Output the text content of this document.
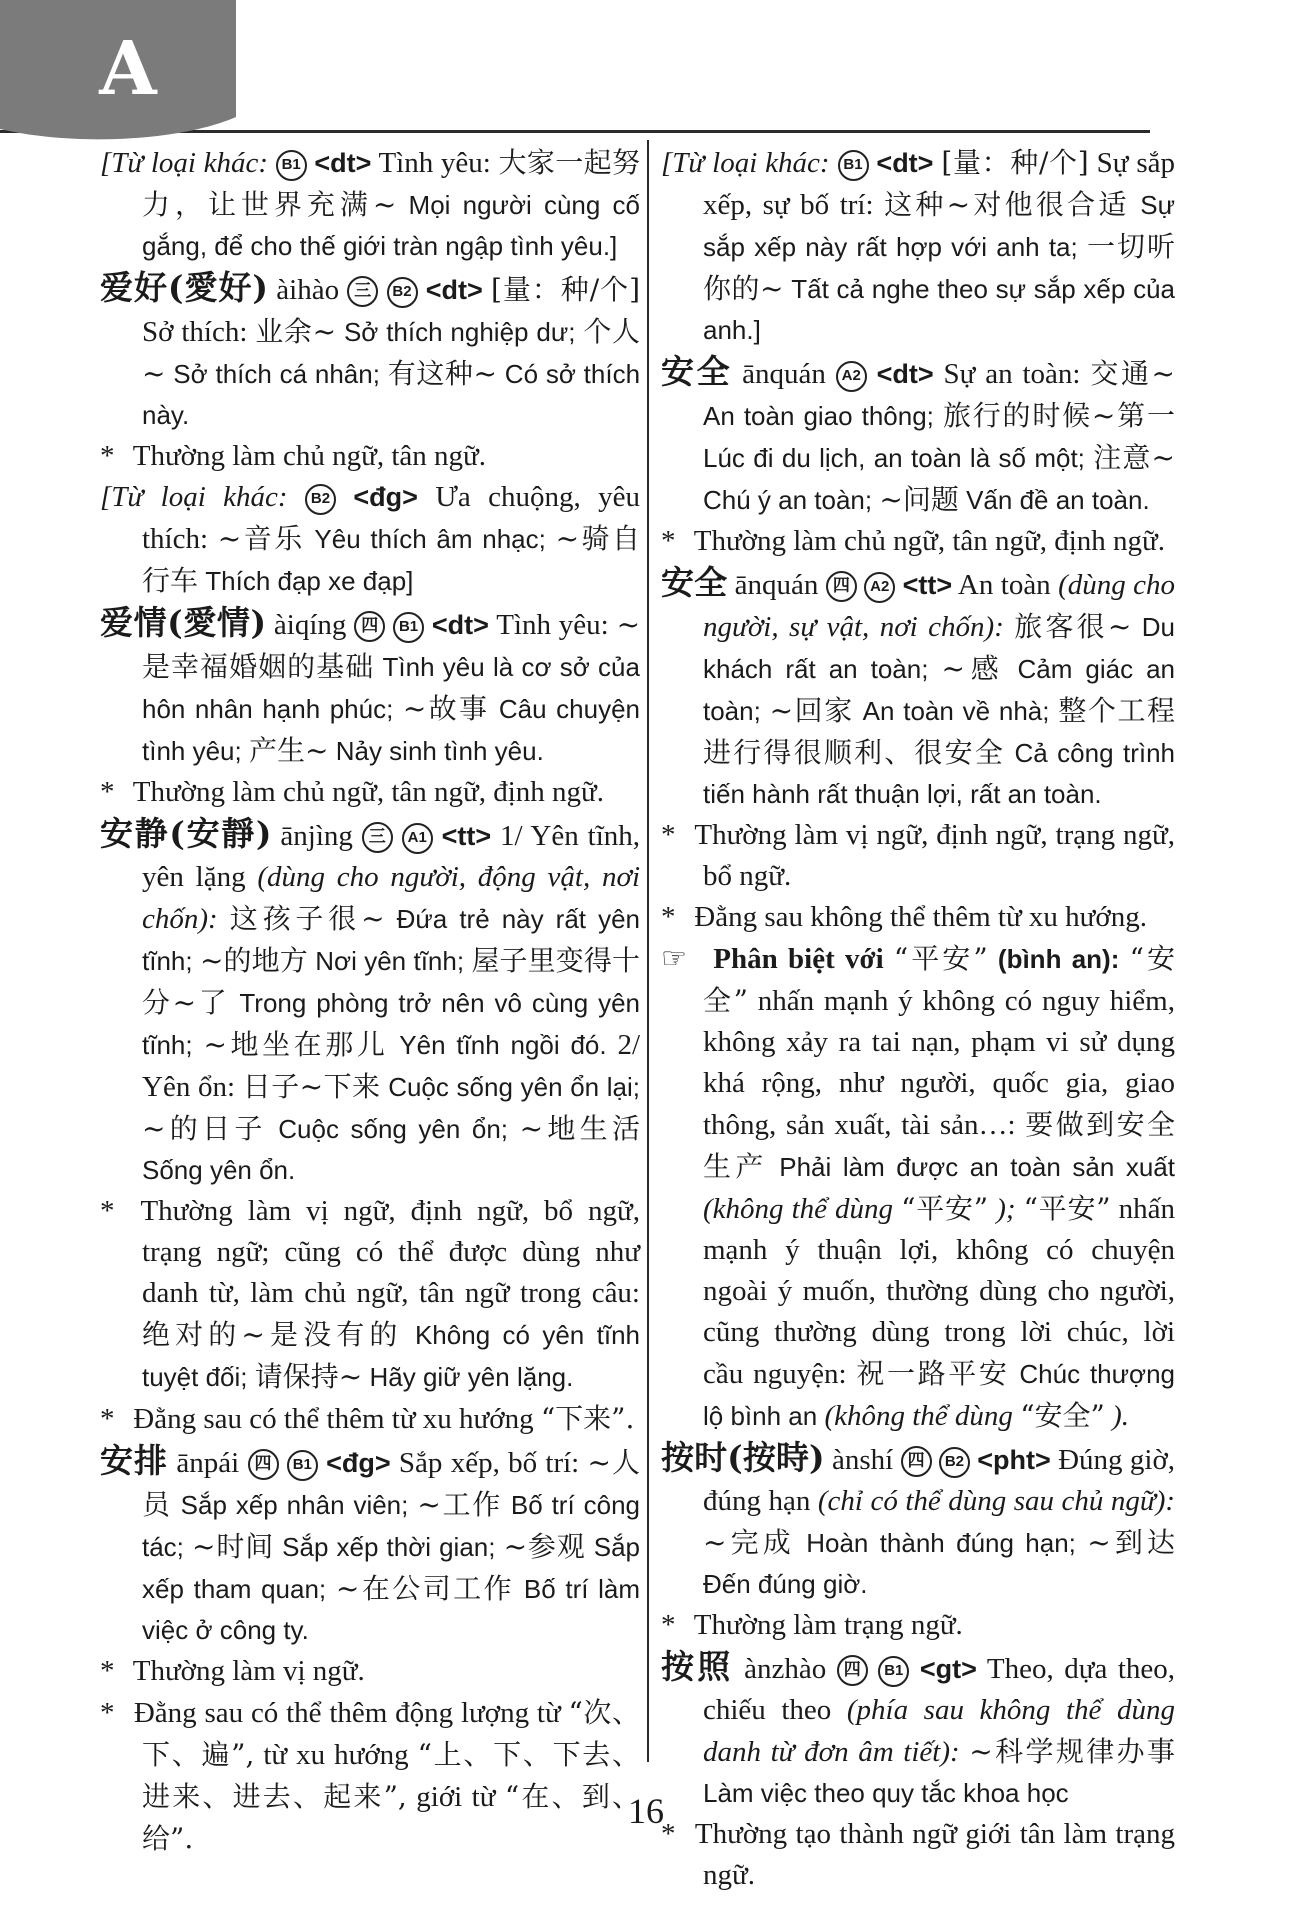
A

[Từ loại khác: B1 <dt> Tình yêu: 大家一起努力，让世界充满~ Mọi người cùng cố gắng, để cho thế giới tràn ngập tình yêu.]

爱好(愛好) àihào 三 B2 <dt> [量：种/个] Sở thích: 业余~ Sở thích nghiệp dư; 个人~ Sở thích cá nhân; 有这种~ Có sở thích này.

* Thường làm chủ ngữ, tân ngữ.

[Từ loại khác: B2 <đg> Ưa chuộng, yêu thích: ~音乐 Yêu thích âm nhạc; ~骑自行车 Thích đạp xe đạp]

爱情(愛情) àiqíng 四 B1 <dt> Tình yêu: ~是幸福婚姻的基础 Tình yêu là cơ sở của hôn nhân hạnh phúc; ~故事 Câu chuyện tình yêu; 产生~ Nảy sinh tình yêu.

* Thường làm chủ ngữ, tân ngữ, định ngữ.

安静(安靜) ānjìng 三 A1 <tt> 1/ Yên tĩnh, yên lặng (dùng cho người, động vật, nơi chốn): 这孩子很~ Đứa trẻ này rất yên tĩnh; ~的地方 Nơi yên tĩnh; 屋子里变得十分~了 Trong phòng trở nên vô cùng yên tĩnh; ~地坐在那儿 Yên tĩnh ngồi đó. 2/ Yên ổn: 日子~下来 Cuộc sống yên ổn lại; ~的日子 Cuộc sống yên ổn; ~地生活 Sống yên ổn.

* Thường làm vị ngữ, định ngữ, bổ ngữ, trạng ngữ; cũng có thể được dùng như danh từ, làm chủ ngữ, tân ngữ trong câu: 绝对的~是没有的 Không có yên tĩnh tuyệt đối; 请保持~ Hãy giữ yên lặng.

* Đằng sau có thể thêm từ xu hướng “下来”.

安排 ānpái 四 B1 <đg> Sắp xếp, bố trí: ~人员 Sắp xếp nhân viên; ~工作 Bố trí công tác; ~时间 Sắp xếp thời gian; ~参观 Sắp xếp tham quan; ~在公司工作 Bố trí làm việc ở công ty.

* Thường làm vị ngữ.

* Đằng sau có thể thêm động lượng từ “次、下、遍”, từ xu hướng “上、下、下去、进来、进去、起来”, giới từ “在、到、给”.

[Từ loại khác: B1 <dt> [量：种/个] Sự sắp xếp, sự bố trí: 这种~对他很合适 Sự sắp xếp này rất hợp với anh ta; 一切听你的~ Tất cả nghe theo sự sắp xếp của anh.]

安全 ānquán A2 <dt> Sự an toàn: 交通~ An toàn giao thông; 旅行的时候~第一 Lúc đi du lịch, an toàn là số một; 注意~ Chú ý an toàn; ~问题 Vấn đề an toàn.

* Thường làm chủ ngữ, tân ngữ, định ngữ.

安全 ānquán 四 A2 <tt> An toàn (dùng cho người, sự vật, nơi chốn): 旅客很~ Du khách rất an toàn; ~感 Cảm giác an toàn; ~回家 An toàn về nhà; 整个工程进行得很顺利、很安全 Cả công trình tiến hành rất thuận lợi, rất an toàn.

* Thường làm vị ngữ, định ngữ, trạng ngữ, bổ ngữ.

* Đằng sau không thể thêm từ xu hướng.

☞ Phân biệt với “平安” (bình an): “安全” nhấn mạnh ý không có nguy hiểm, không xảy ra tai nạn, phạm vi sử dụng khá rộng, như người, quốc gia, giao thông, sản xuất, tài sản…: 要做到安全生产 Phải làm được an toàn sản xuất (không thể dùng “平安” ); “平安” nhấn mạnh ý thuận lợi, không có chuyện ngoài ý muốn, thường dùng cho người, cũng thường dùng trong lời chúc, lời cầu nguyện: 祝一路平安 Chúc thượng lộ bình an (không thể dùng “安全” ).

按时(按時) ànshí 四 B2 <pht> Đúng giờ, đúng hạn (chỉ có thể dùng sau chủ ngữ): ~完成 Hoàn thành đúng hạn; ~到达 Đến đúng giờ.

* Thường làm trạng ngữ.

按照 ànzhào 四 B1 <gt> Theo, dựa theo, chiếu theo (phía sau không thể dùng danh từ đơn âm tiết): ~科学规律办事 Làm việc theo quy tắc khoa học

* Thường tạo thành ngữ giới tân làm trạng ngữ.

16
